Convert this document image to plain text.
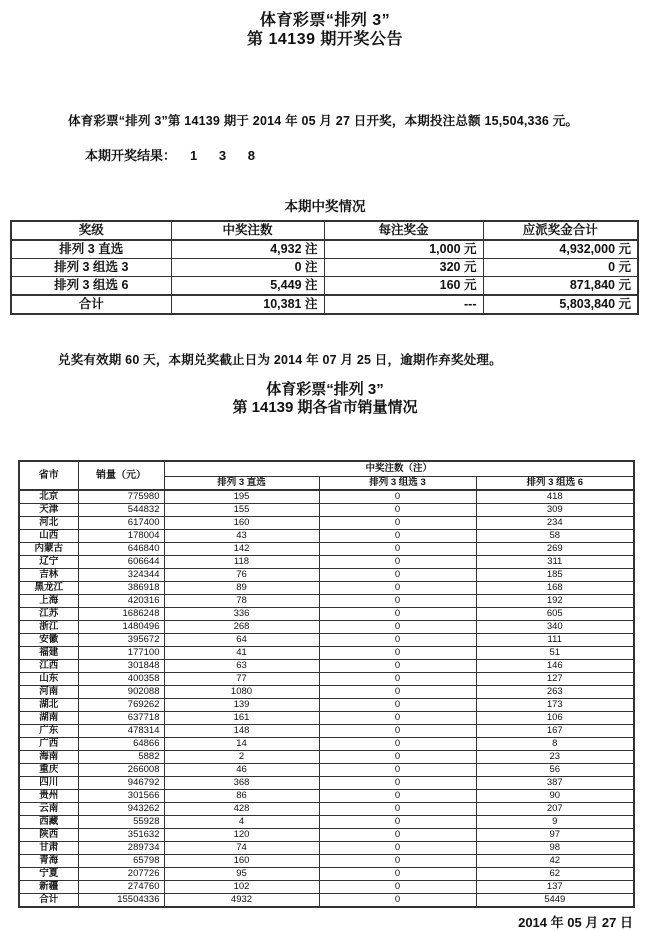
体育彩票“排列 3”
第 14139 期开奖公告
体育彩票“排列 3”第 14139 期于 2014 年 05 月 27 日开奖，本期投注总额 15,504,336 元。
本期开奖结果： 1 3 8
本期中奖情况
奖级	中奖注数	每注奖金	应派奖金合计
排列 3 直选	4,932 注	1,000 元	4,932,000 元
排列 3 组选 3	0 注	320 元	0 元
排列 3 组选 6	5,449 注	160 元	871,840 元
合计	10,381 注	---	5,803,840 元
兑奖有效期 60 天，本期兑奖截止日为 2014 年 07 月 25 日，逾期作弃奖处理。
体育彩票“排列 3”
第 14139 期各省市销量情况
省市	销量（元）	中奖注数（注）		
		排列 3 直选	排列 3 组选 3	排列 3 组选 6
北京	775980	195	0	418
天津	544832	155	0	309
河北	617400	160	0	234
山西	178004	43	0	58
内蒙古	646840	142	0	269
辽宁	606644	118	0	311
吉林	324344	76	0	185
黑龙江	386918	89	0	168
上海	420316	78	0	192
江苏	1686248	336	0	605
浙江	1480496	268	0	340
安徽	395672	64	0	111
福建	177100	41	0	51
江西	301848	63	0	146
山东	400358	77	0	127
河南	902088	1080	0	263
湖北	769262	139	0	173
湖南	637718	161	0	106
广东	478314	148	0	167
广西	64866	14	0	8
海南	5882	2	0	23
重庆	266008	46	0	56
四川	946792	368	0	387
贵州	301566	86	0	90
云南	943262	428	0	207
西藏	55928	4	0	9
陕西	351632	120	0	97
甘肃	289734	74	0	98
青海	65798	160	0	42
宁夏	207726	95	0	62
新疆	274760	102	0	137
合计	15504336	4932	0	5449
2014 年 05 月 27 日
